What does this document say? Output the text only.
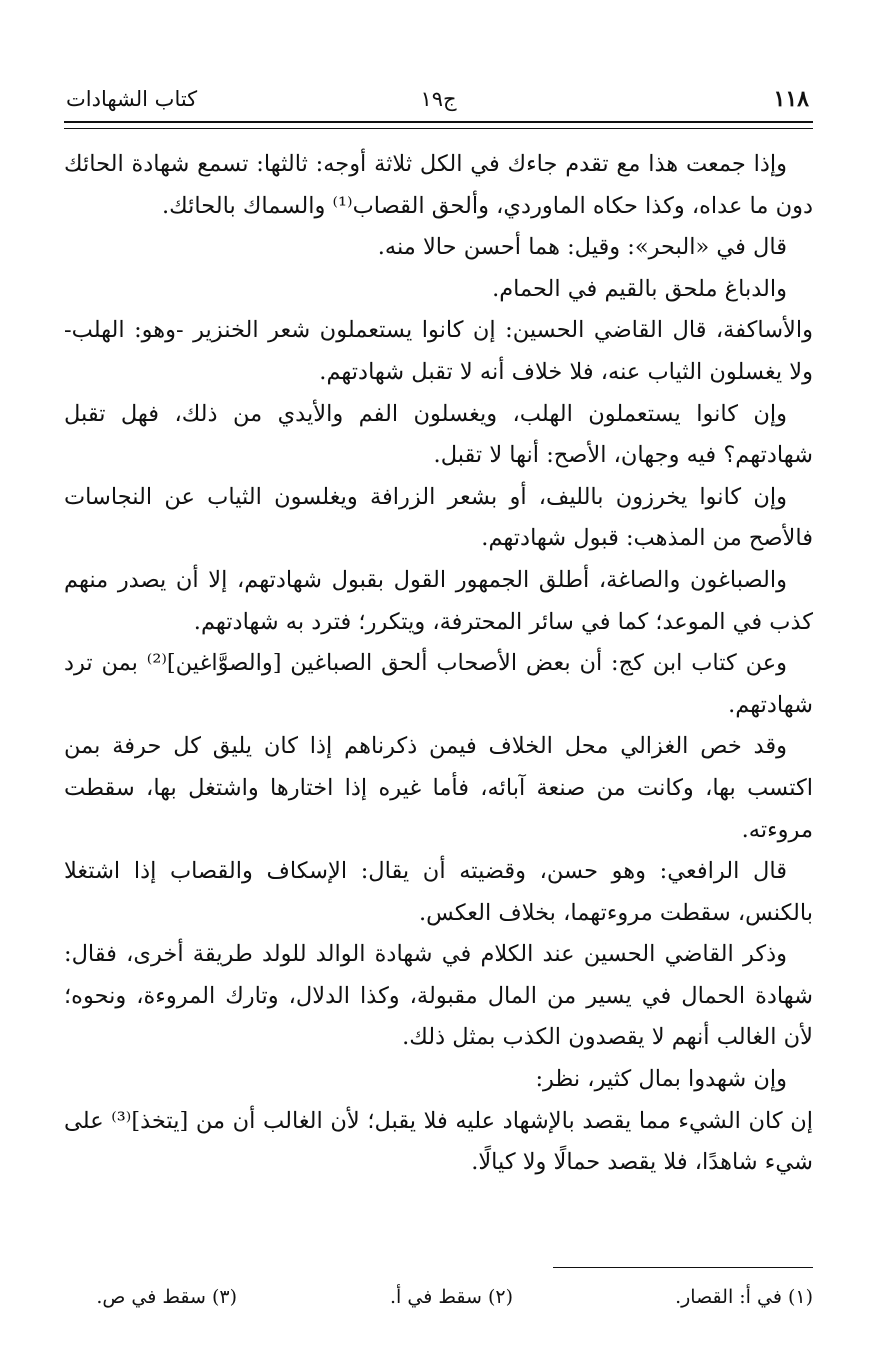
١١٨
ج١٩
كتاب الشهادات

وإذا جمعت هذا مع تقدم جاءك في الكل ثلاثة أوجه: ثالثها: تسمع شهادة الحائك دون ما عداه، وكذا حكاه الماوردي، وألحق القصاب⁽¹⁾ والسماك بالحائك.

قال في «البحر»: وقيل: هما أحسن حالا منه.

والدباغ ملحق بالقيم في الحمام.

والأساكفة، قال القاضي الحسين: إن كانوا يستعملون شعر الخنزير -وهو: الهلب- ولا يغسلون الثياب عنه، فلا خلاف أنه لا تقبل شهادتهم.

وإن كانوا يستعملون الهلب، ويغسلون الفم والأيدي من ذلك، فهل تقبل شهادتهم؟ فيه وجهان، الأصح: أنها لا تقبل.

وإن كانوا يخرزون بالليف، أو بشعر الزرافة ويغلسون الثياب عن النجاسات فالأصح من المذهب: قبول شهادتهم.

والصباغون والصاغة، أطلق الجمهور القول بقبول شهادتهم، إلا أن يصدر منهم كذب في الموعد؛ كما في سائر المحترفة، ويتكرر؛ فترد به شهادتهم.

وعن كتاب ابن كج: أن بعض الأصحاب ألحق الصباغين [والصوَّاغين]⁽²⁾ بمن ترد شهادتهم.

وقد خص الغزالي محل الخلاف فيمن ذكرناهم إذا كان يليق كل حرفة بمن اكتسب بها، وكانت من صنعة آبائه، فأما غيره إذا اختارها واشتغل بها، سقطت مروءته.

قال الرافعي: وهو حسن، وقضيته أن يقال: الإسكاف والقصاب إذا اشتغلا بالكنس، سقطت مروءتهما، بخلاف العكس.

وذكر القاضي الحسين عند الكلام في شهادة الوالد للولد طريقة أخرى، فقال: شهادة الحمال في يسير من المال مقبولة، وكذا الدلال، وتارك المروءة، ونحوه؛ لأن الغالب أنهم لا يقصدون الكذب بمثل ذلك.

وإن شهدوا بمال كثير، نظر:

إن كان الشيء مما يقصد بالإشهاد عليه فلا يقبل؛ لأن الغالب أن من [يتخذ]⁽³⁾ على شيء شاهدًا، فلا يقصد حمالًا ولا كيالًا.

(١) في أ: القصار.
(٢) سقط في أ.
(٣) سقط في ص.
